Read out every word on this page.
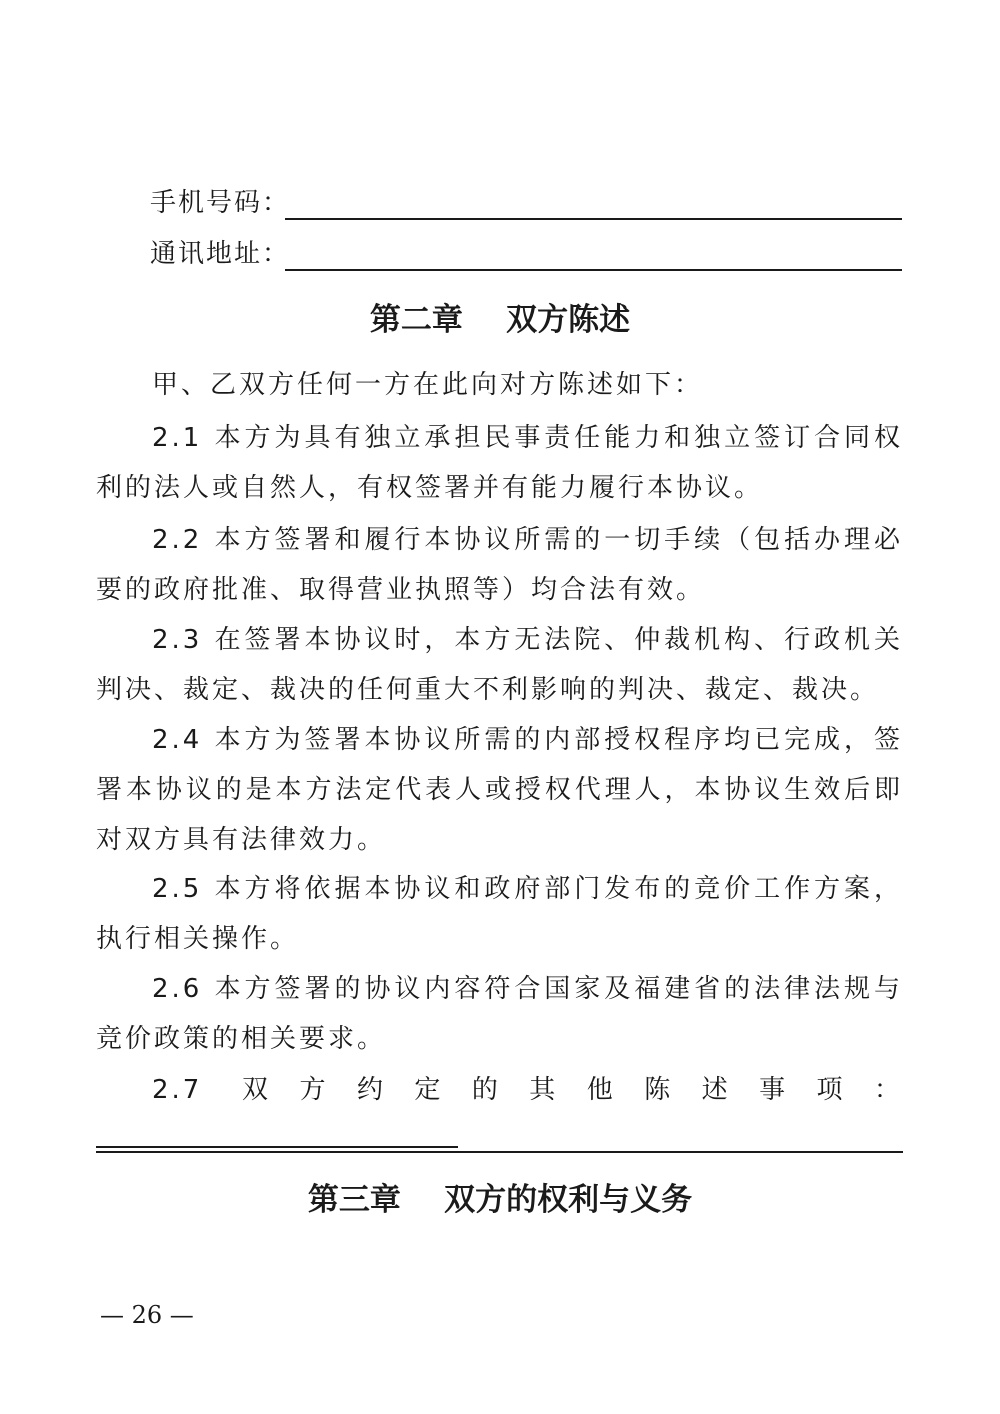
手机号码：
通讯地址：
第二章    双方陈述

甲、乙双方任何一方在此向对方陈述如下：

2.1 本方为具有独立承担民事责任能力和独立签订合同权利的法人或自然人，有权签署并有能力履行本协议。

2.2 本方签署和履行本协议所需的一切手续（包括办理必要的政府批准、取得营业执照等）均合法有效。

2.3 在签署本协议时，本方无法院、仲裁机构、行政机关判决、裁定、裁决的任何重大不利影响的判决、裁定、裁决。

2.4 本方为签署本协议所需的内部授权程序均已完成，签署本协议的是本方法定代表人或授权代理人，本协议生效后即对双方具有法律效力。

2.5 本方将依据本协议和政府部门发布的竞价工作方案，执行相关操作。

2.6 本方签署的协议内容符合国家及福建省的法律法规与竞价政策的相关要求。

2.7 双方约定的其他陈述事项：

第三章    双方的权利与义务
— 26 —
